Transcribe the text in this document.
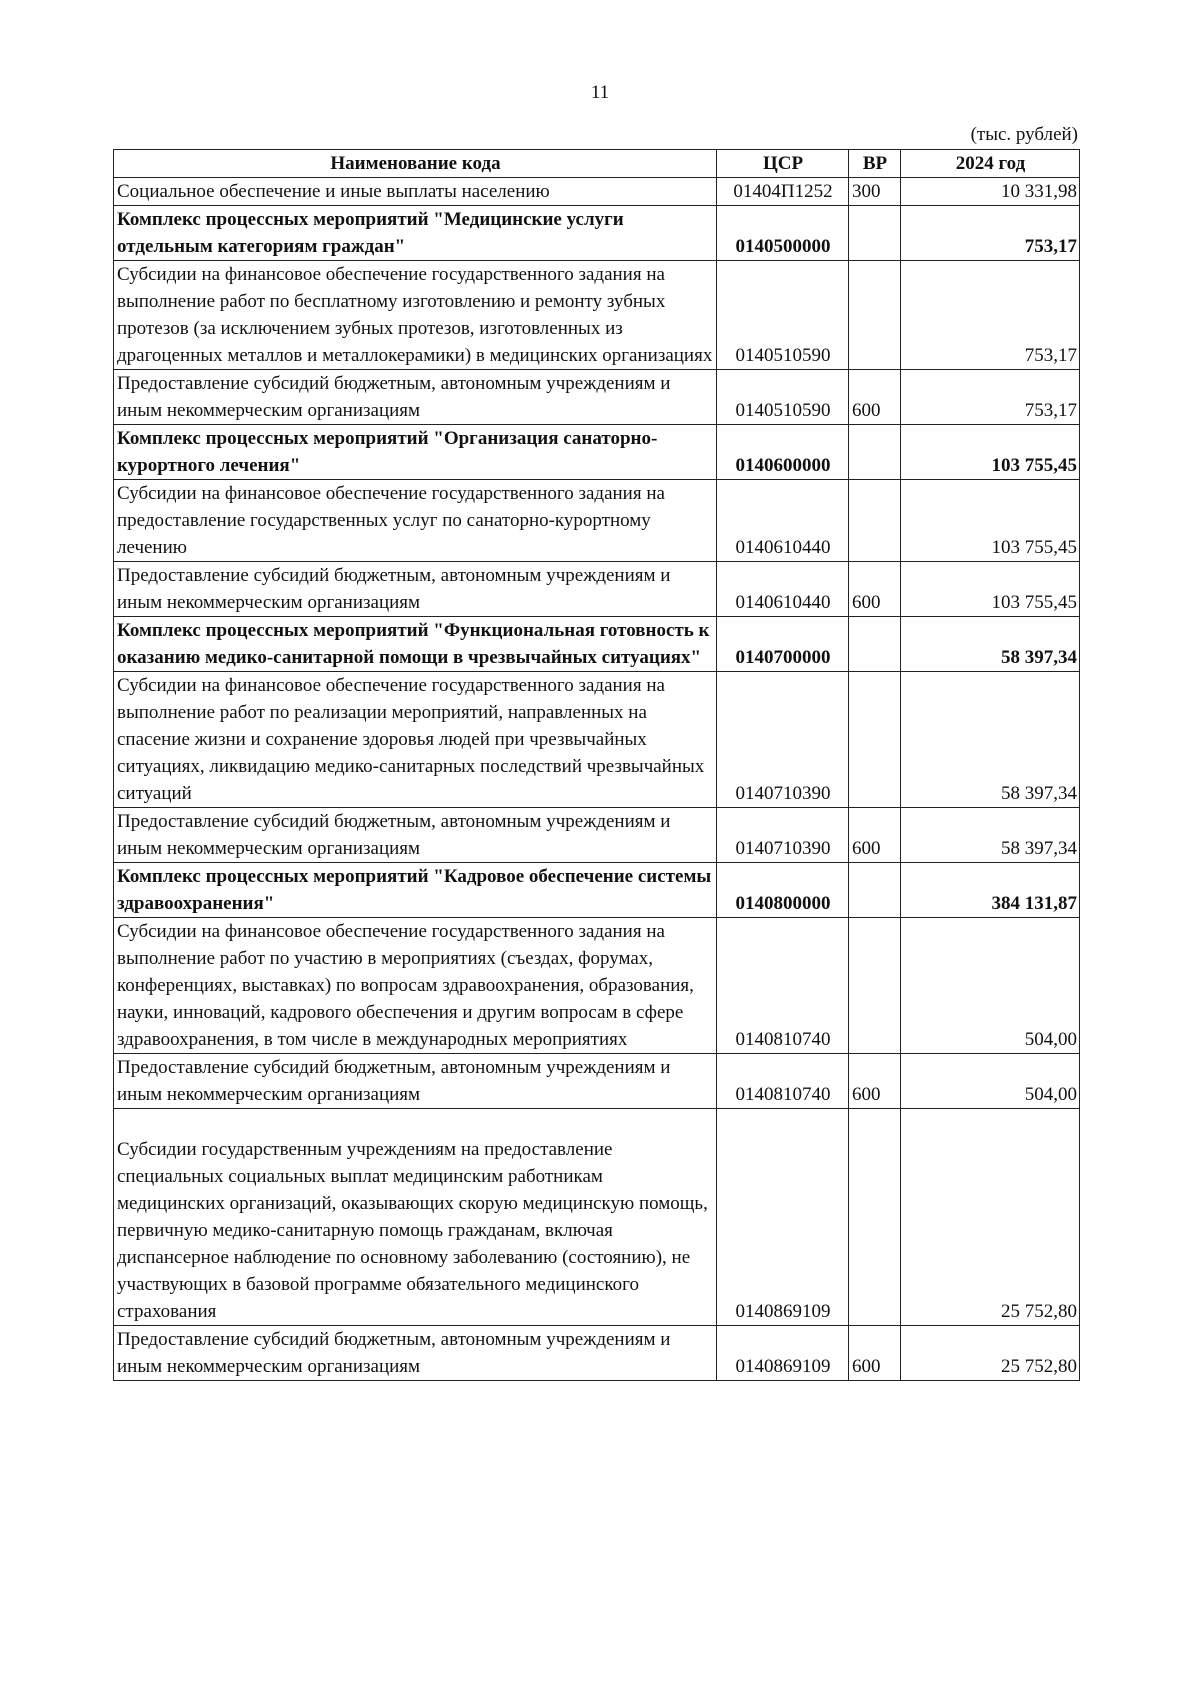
11
(тыс. рублей)
Наименование кода	ЦСР	ВР	2024 год
Социальное обеспечение и иные выплаты населению	01404П1252	300	10 331,98
Комплекс процессных мероприятий "Медицинские услуги отдельным категориям граждан"	0140500000		753,17
Субсидии на финансовое обеспечение государственного задания на выполнение работ по бесплатному изготовлению и ремонту зубных протезов (за исключением зубных протезов, изготовленных из драгоценных металлов и металлокерамики) в медицинских организациях	0140510590		753,17
Предоставление субсидий бюджетным, автономным учреждениям и иным некоммерческим организациям	0140510590	600	753,17
Комплекс процессных мероприятий "Организация санаторно-курортного лечения"	0140600000		103 755,45
Субсидии на финансовое обеспечение государственного задания на предоставление государственных услуг по санаторно-курортному лечению	0140610440		103 755,45
Предоставление субсидий бюджетным, автономным учреждениям и иным некоммерческим организациям	0140610440	600	103 755,45
Комплекс процессных мероприятий "Функциональная готовность к оказанию медико-санитарной помощи в чрезвычайных ситуациях"	0140700000		58 397,34
Субсидии на финансовое обеспечение государственного задания на выполнение работ по реализации мероприятий, направленных на спасение жизни и сохранение здоровья людей при чрезвычайных ситуациях, ликвидацию медико-санитарных последствий чрезвычайных ситуаций	0140710390		58 397,34
Предоставление субсидий бюджетным, автономным учреждениям и иным некоммерческим организациям	0140710390	600	58 397,34
Комплекс процессных мероприятий "Кадровое обеспечение системы здравоохранения"	0140800000		384 131,87
Субсидии на финансовое обеспечение государственного задания на выполнение работ по участию в мероприятиях (съездах, форумах, конференциях, выставках) по вопросам здравоохранения, образования, науки, инноваций, кадрового обеспечения и другим вопросам в сфере здравоохранения, в том числе в международных мероприятиях	0140810740		504,00
Предоставление субсидий бюджетным, автономным учреждениям и иным некоммерческим организациям	0140810740	600	504,00
Субсидии государственным учреждениям на предоставление специальных социальных выплат медицинским работникам медицинских организаций, оказывающих скорую медицинскую помощь, первичную медико-санитарную помощь гражданам, включая диспансерное наблюдение по основному заболеванию (состоянию), не участвующих в базовой программе обязательного медицинского страхования	0140869109		25 752,80
Предоставление субсидий бюджетным, автономным учреждениям и иным некоммерческим организациям	0140869109	600	25 752,80
